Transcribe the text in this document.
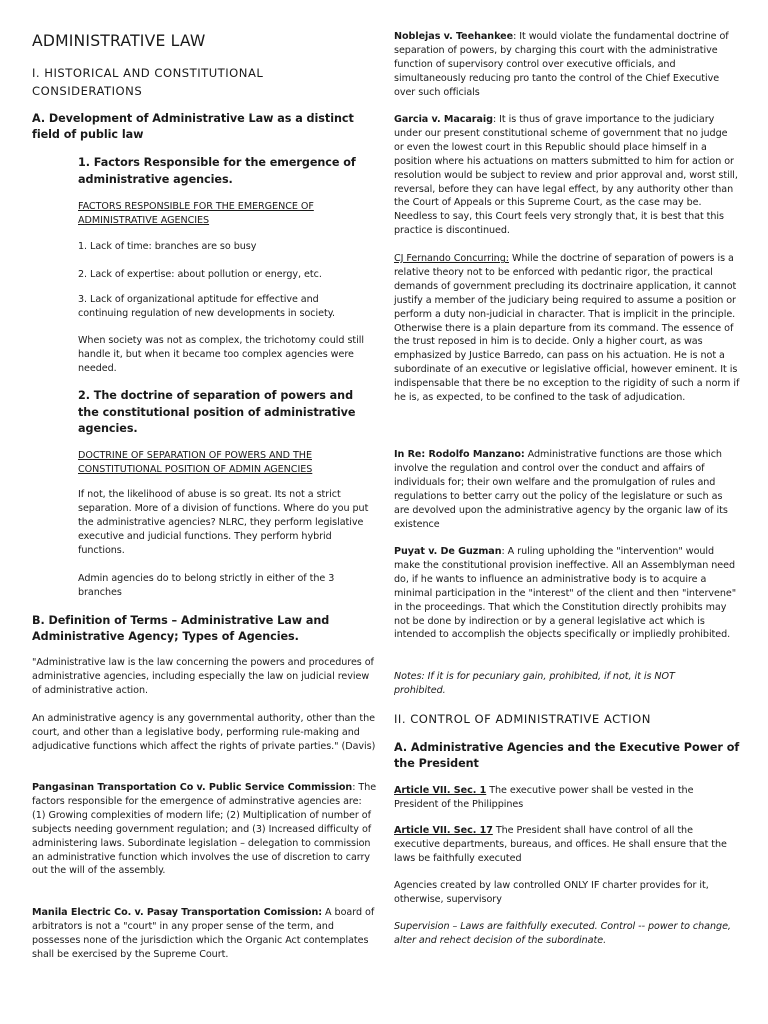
ADMINISTRATIVE LAW
I. HISTORICAL AND CONSTITUTIONAL CONSIDERATIONS
A. Development of Administrative Law as a distinct field of public law
1. Factors Responsible for the emergence of administrative agencies.
FACTORS RESPONSIBLE FOR THE EMERGENCE OF ADMINISTRATIVE AGENCIES
1. Lack of time: branches are so busy
2. Lack of expertise: about pollution or energy, etc.
3. Lack of organizational aptitude for effective and continuing regulation of new developments in society.
When society was not as complex, the trichotomy could still handle it, but when it became too complex agencies were needed.
2. The doctrine of separation of powers and the constitutional position of administrative agencies.
DOCTRINE OF SEPARATION OF POWERS AND THE CONSTITUTIONAL POSITION OF ADMIN AGENCIES
If not, the likelihood of abuse is so great. Its not a strict separation. More of a division of functions. Where do you put the administrative agencies? NLRC, they perform legislative executive and judicial functions. They perform hybrid functions.
Admin agencies do to belong strictly in either of the 3 branches
B. Definition of Terms – Administrative Law and Administrative Agency; Types of Agencies.
"Administrative law is the law concerning the powers and procedures of administrative agencies, including especially the law on judicial review of administrative action.
An administrative agency is any governmental authority, other than the court, and other than a legislative body, performing rule-making and adjudicative functions which affect the rights of private parties." (Davis)
Pangasinan Transportation Co v. Public Service Commission: The factors responsible for the emergence of adminstrative agencies are: (1) Growing complexities of modern life; (2) Multiplication of number of subjects needing government regulation; and (3) Increased difficulty of administering laws. Subordinate legislation – delegation to commission an administrative function which involves the use of discretion to carry out the will of the assembly.
Manila Electric Co. v. Pasay Transportation Comission: A board of arbitrators is not a "court" in any proper sense of the term, and possesses none of the jurisdiction which the Organic Act contemplates shall be exercised by the Supreme Court.
Noblejas v. Teehankee: It would violate the fundamental doctrine of separation of powers, by charging this court with the administrative function of supervisory control over executive officials, and simultaneously reducing pro tanto the control of the Chief Executive over such officials
Garcia v. Macaraig: It is thus of grave importance to the judiciary under our present constitutional scheme of government that no judge or even the lowest court in this Republic should place himself in a position where his actuations on matters submitted to him for action or resolution would be subject to review and prior approval and, worst still, reversal, before they can have legal effect, by any authority other than the Court of Appeals or this Supreme Court, as the case may be. Needless to say, this Court feels very strongly that, it is best that this practice is discontinued.
CJ Fernando Concurring: While the doctrine of separation of powers is a relative theory not to be enforced with pedantic rigor, the practical demands of government precluding its doctrinaire application, it cannot justify a member of the judiciary being required to assume a position or perform a duty non-judicial in character. That is implicit in the principle. Otherwise there is a plain departure from its command. The essence of the trust reposed in him is to decide. Only a higher court, as was emphasized by Justice Barredo, can pass on his actuation. He is not a subordinate of an executive or legislative official, however eminent. It is indispensable that there be no exception to the rigidity of such a norm if he is, as expected, to be confined to the task of adjudication.
In Re: Rodolfo Manzano: Administrative functions are those which involve the regulation and control over the conduct and affairs of individuals for; their own welfare and the promulgation of rules and regulations to better carry out the policy of the legislature or such as are devolved upon the administrative agency by the organic law of its existence
Puyat v. De Guzman: A ruling upholding the "intervention" would make the constitutional provision ineffective. All an Assemblyman need do, if he wants to influence an administrative body is to acquire a minimal participation in the "interest" of the client and then "intervene" in the proceedings. That which the Constitution directly prohibits may not be done by indirection or by a general legislative act which is intended to accomplish the objects specifically or impliedly prohibited.
Notes: If it is for pecuniary gain, prohibited, if not, it is NOT prohibited.
II. CONTROL OF ADMINISTRATIVE ACTION
A. Administrative Agencies and the Executive Power of the President
Article VII. Sec. 1 The executive power shall be vested in the President of the Philippines
Article VII. Sec. 17 The President shall have control of all the executive departments, bureaus, and offices. He shall ensure that the laws be faithfully executed
Agencies created by law controlled ONLY IF charter provides for it, otherwise, supervisory
Supervision – Laws are faithfully executed. Control -- power to change, alter and rehect decision of the subordinate.
